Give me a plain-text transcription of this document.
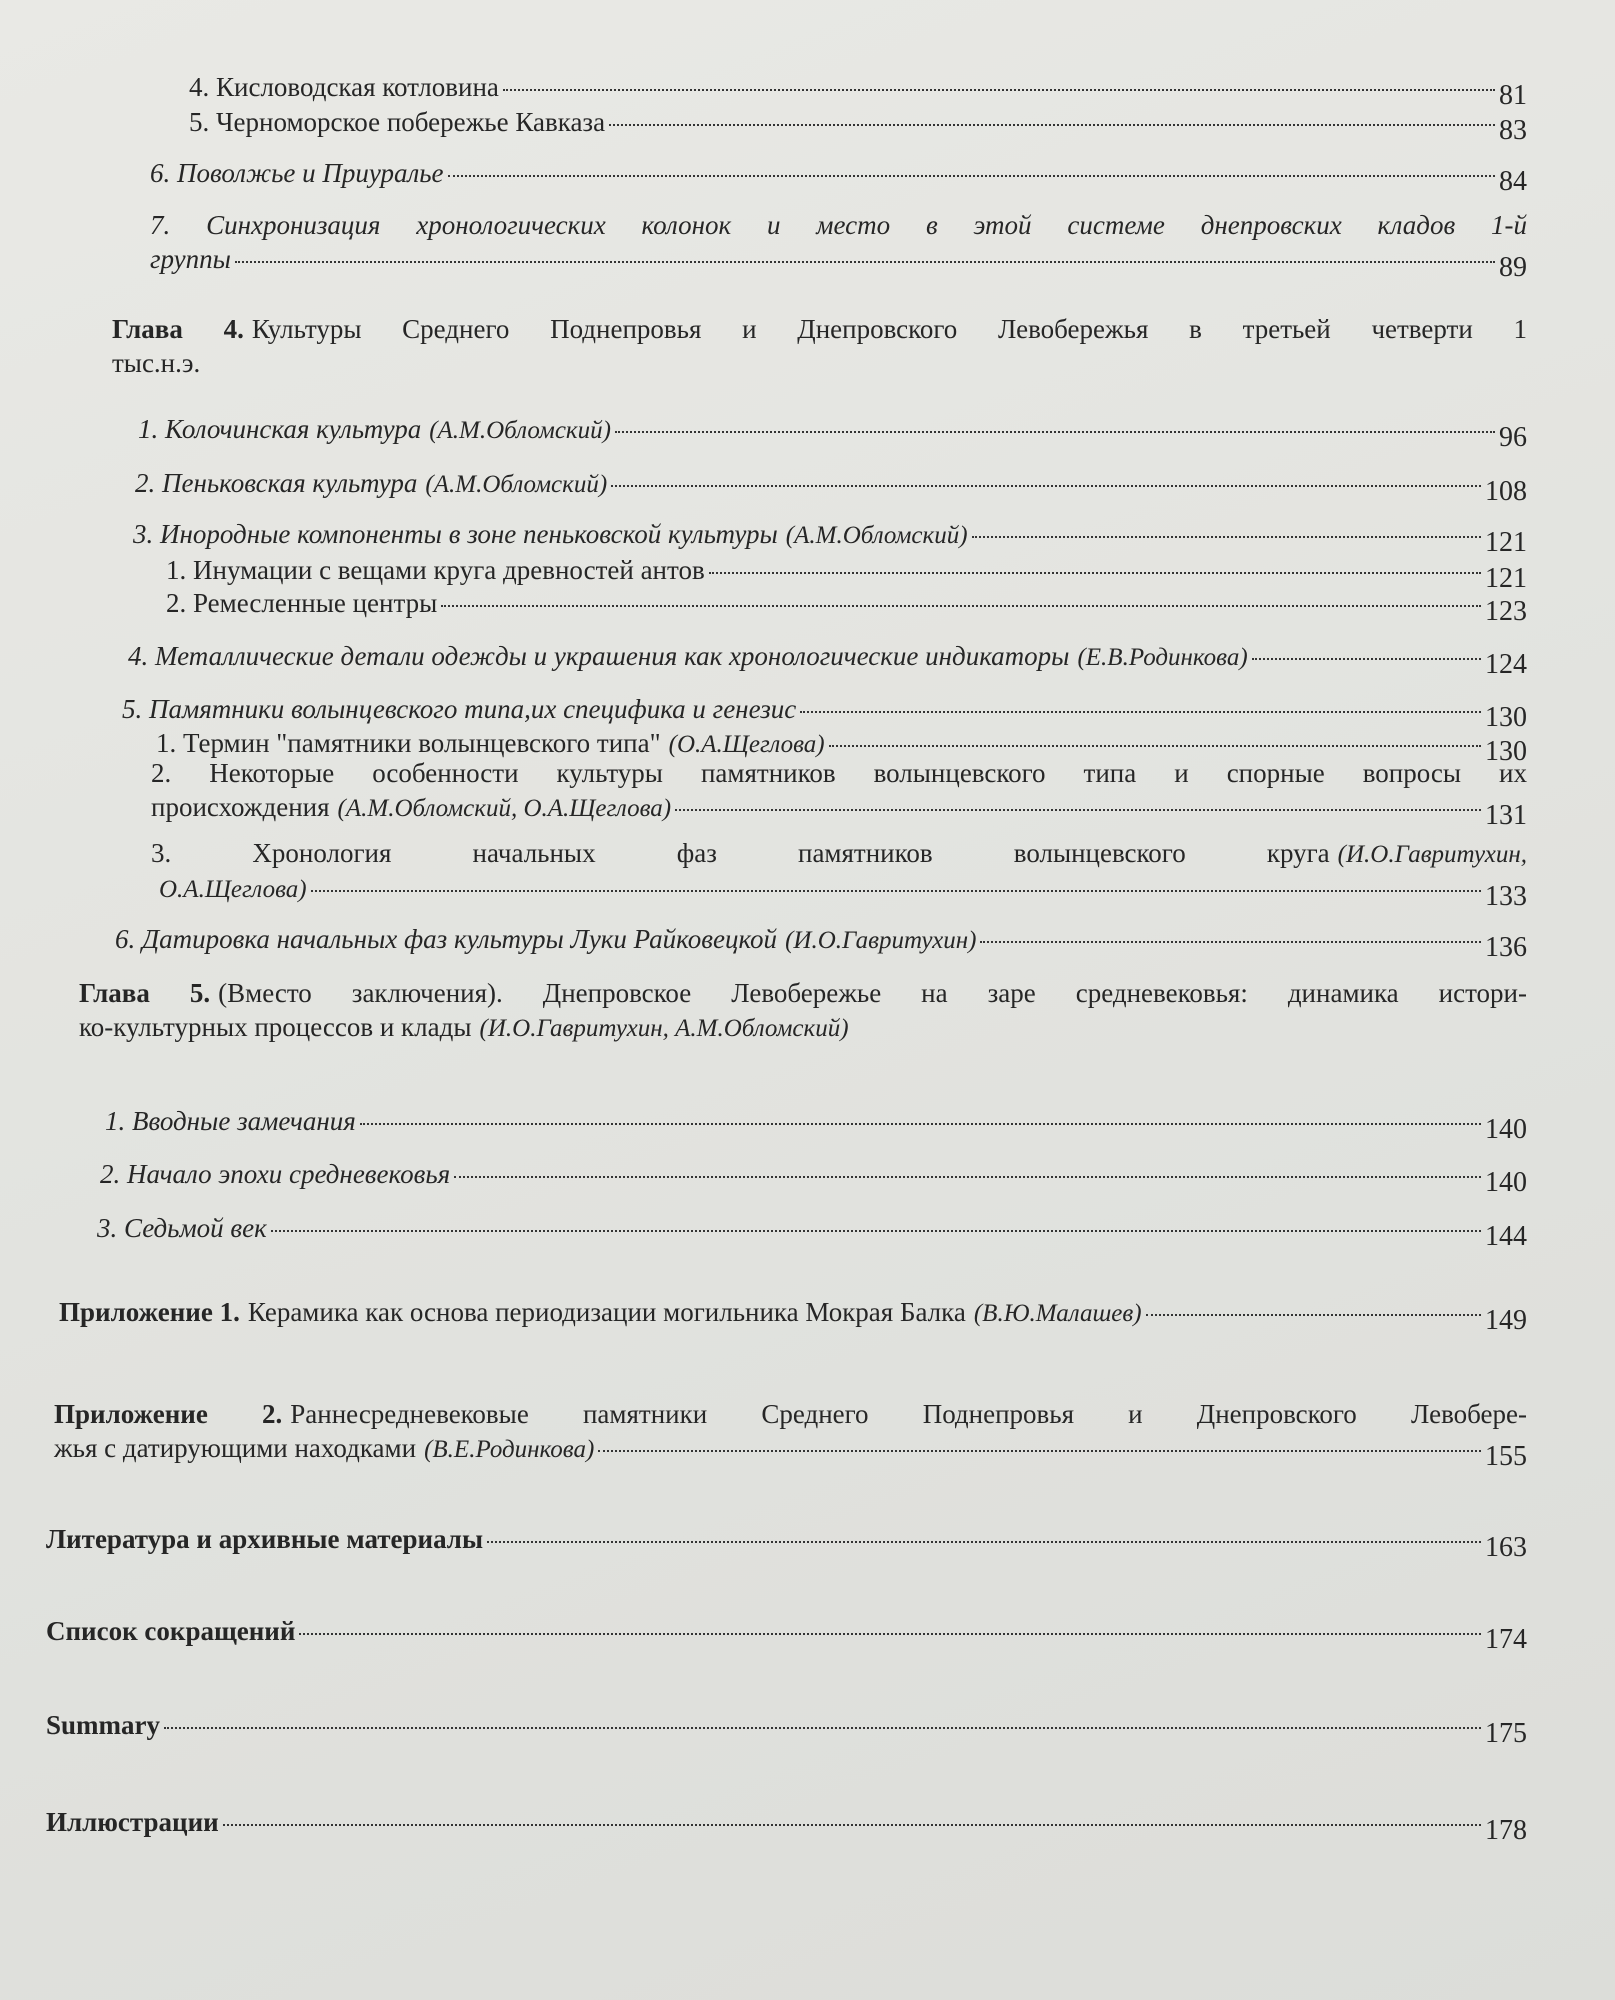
4. Кисловодская котловина	81
5. Черноморское побережье Кавказа	83
6. Поволжье и Приуралье	84
7. Синхронизация хронологических колонок и место в этой системе днепровских кладов 1-й
группы	89
Глава 4. Культуры Среднего Поднепровья и Днепровского Левобережья в третьей четверти 1
тыс.н.э.
1. Колочинская культура (А.М.Обломский)	96
2. Пеньковская культура (А.М.Обломский)	108
3. Инородные компоненты в зоне пеньковской культуры (А.М.Обломский)	121
1. Инумации с вещами круга древностей антов	121
2. Ремесленные центры	123
4. Металлические детали одежды и украшения как хронологические индикаторы (Е.В.Родинкова)	124
5. Памятники волынцевского типа,их специфика и генезис	130
1. Термин "памятники волынцевского типа" (О.А.Щеглова)	130
2. Некоторые особенности культуры памятников волынцевского типа и спорные вопросы их
происхождения (А.М.Обломский, О.А.Щеглова)	131
3. Хронология начальных фаз памятников волынцевского круга (И.О.Гавритухин,
О.А.Щеглова)	133
6. Датировка начальных фаз культуры Луки Райковецкой (И.О.Гавритухин)	136
Глава 5. (Вместо заключения). Днепровское Левобережье на заре средневековья: динамика истори-
ко-культурных процессов и клады (И.О.Гавритухин, А.М.Обломский)
1. Вводные замечания	140
2. Начало эпохи средневековья	140
3. Седьмой век	144
Приложение 1. Керамика как основа периодизации могильника Мокрая Балка (В.Ю.Малашев)	149
Приложение 2. Раннесредневековые памятники Среднего Поднепровья и Днепровского Левобере-
жья с датирующими находками (В.Е.Родинкова)	155
Литература и архивные материалы	163
Список сокращений	174
Summary	175
Иллюстрации	178
